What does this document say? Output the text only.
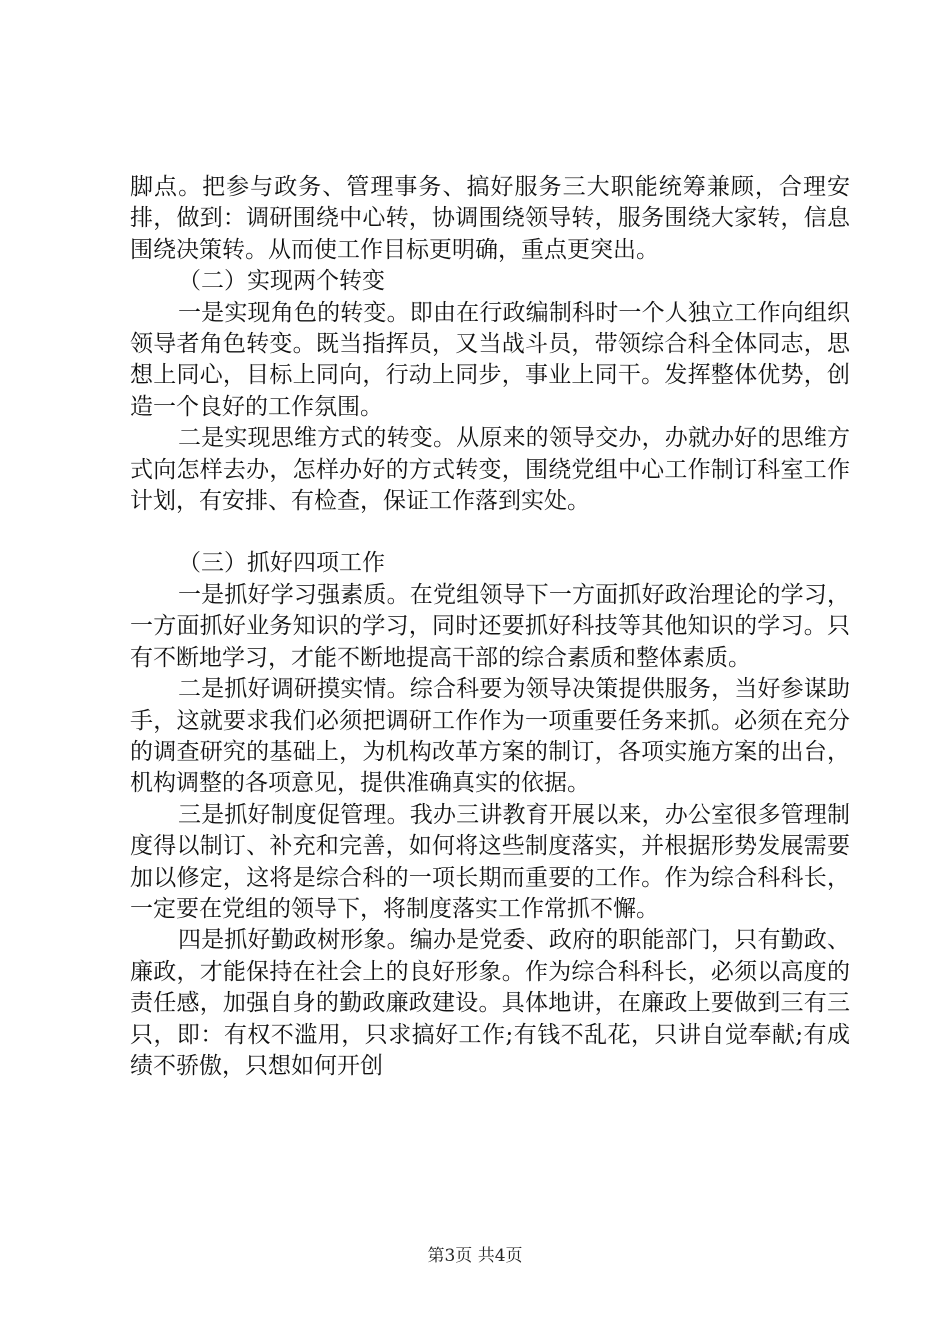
脚点。把参与政务、管理事务、搞好服务三大职能统筹兼顾，合理安排，做到：调研围绕中心转，协调围绕领导转，服务围绕大家转，信息围绕决策转。从而使工作目标更明确，重点更突出。

（二）实现两个转变

一是实现角色的转变。即由在行政编制科时一个人独立工作向组织领导者角色转变。既当指挥员，又当战斗员，带领综合科全体同志，思想上同心，目标上同向，行动上同步，事业上同干。发挥整体优势，创造一个良好的工作氛围。

二是实现思维方式的转变。从原来的领导交办，办就办好的思维方式向怎样去办，怎样办好的方式转变，围绕党组中心工作制订科室工作计划，有安排、有检查，保证工作落到实处。

（三）抓好四项工作

一是抓好学习强素质。在党组领导下一方面抓好政治理论的学习，一方面抓好业务知识的学习，同时还要抓好科技等其他知识的学习。只有不断地学习，才能不断地提高干部的综合素质和整体素质。

二是抓好调研摸实情。综合科要为领导决策提供服务，当好参谋助手，这就要求我们必须把调研工作作为一项重要任务来抓。必须在充分的调查研究的基础上，为机构改革方案的制订，各项实施方案的出台，机构调整的各项意见，提供准确真实的依据。

三是抓好制度促管理。我办三讲教育开展以来，办公室很多管理制度得以制订、补充和完善，如何将这些制度落实，并根据形势发展需要加以修定，这将是综合科的一项长期而重要的工作。作为综合科科长，一定要在党组的领导下，将制度落实工作常抓不懈。

四是抓好勤政树形象。编办是党委、政府的职能部门，只有勤政、廉政，才能保持在社会上的良好形象。作为综合科科长，必须以高度的责任感，加强自身的勤政廉政建设。具体地讲，在廉政上要做到三有三只，即：有权不滥用，只求搞好工作;有钱不乱花，只讲自觉奉献;有成绩不骄傲，只想如何开创

第3页 共4页
